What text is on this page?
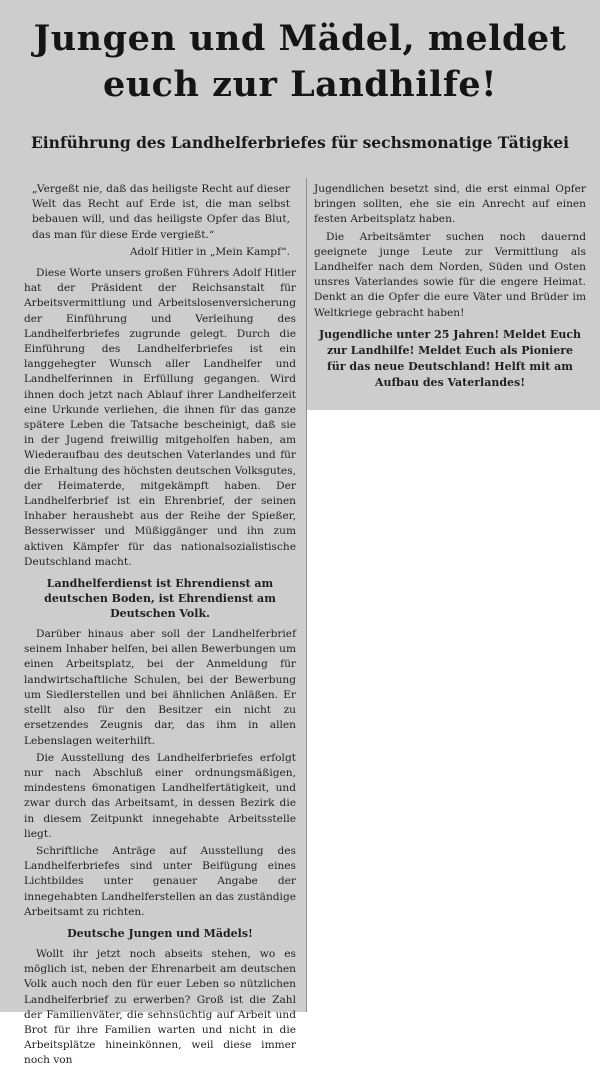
Jungen und Mädel, meldet euch zur Landhilfe!
Einführung des Landhelferbriefes für sechsmonatige Tätigkei
„Vergeßt nie, daß das heiligste Recht auf dieser Welt das Recht auf Erde ist, die man selbst bebauen will, und das heiligste Opfer das Blut, das man für diese Erde vergießt.“
Adolf Hitler in „Mein Kampf“.

Diese Worte unsers großen Führers Adolf Hitler hat der Präsident der Reichsanstalt für Arbeitsvermittlung und Arbeitslosenversicherung der Einführung und Verleihung des Landhelferbriefes zugrunde gelegt. Durch die Einführung des Landhelferbriefes ist ein langgehegter Wunsch aller Landhelfer und Landhelferinnen in Erfüllung gegangen. Wird ihnen doch jetzt nach Ablauf ihrer Landhelferzeit eine Urkunde verliehen, die ihnen für das ganze spätere Leben die Tatsache bescheinigt, daß sie in der Jugend freiwillig mitgeholfen haben, am Wiederaufbau des deutschen Vaterlandes und für die Erhaltung des höchsten deutschen Volksgutes, der Heimaterde, mitgekämpft haben. Der Landhelferbrief ist ein Ehrenbrief, der seinen Inhaber heraushebt aus der Reihe der Spießer, Besserwisser und Müßiggänger und ihn zum aktiven Kämpfer für das nationalsozialistische Deutschland macht.

Landhelferdienst ist Ehrendienst am deutschen Boden, ist Ehrendienst am Deutschen Volk.

Darüber hinaus aber soll der Landhelferbrief seinem Inhaber helfen, bei allen Bewerbungen um einen Arbeitsplatz, bei der Anmeldung für landwirtschaftliche Schulen, bei der Bewerbung um Siedlerstellen und bei ähnlichen Anläßen. Er stellt also für den Besitzer ein nicht zu ersetzendes Zeugnis dar, das ihm in allen Lebenslagen weiterhilft.

Die Ausstellung des Landhelferbriefes erfolgt nur nach Abschluß einer ordnungsmäßigen, mindestens 6monatigen Landhelfertätigkeit, und zwar durch das Arbeitsamt, in dessen Bezirk die in diesem Zeitpunkt innegehabte Arbeitsstelle liegt.

Schriftliche Anträge auf Ausstellung des Landhelferbriefes sind unter Beifügung eines Lichtbildes unter genauer Angabe der innegehabten Landhelferstellen an das zuständige Arbeitsamt zu richten.

Deutsche Jungen und Mädels!

Wollt ihr jetzt noch abseits stehen, wo es möglich ist, neben der Ehrenarbeit am deutschen Volk auch noch den für euer Leben so nützlichen Landhelferbrief zu erwerben? Groß ist die Zahl der Familienväter, die sehnsüchtig auf Arbeit und Brot für ihre Familien warten und nicht in die Arbeitsplätze hineinkönnen, weil diese immer noch von

Jugendlichen besetzt sind, die erst einmal Opfer bringen sollten, ehe sie ein Anrecht auf einen festen Arbeitsplatz haben.

Die Arbeitsämter suchen noch dauernd geeignete junge Leute zur Vermittlung als Landhelfer nach dem Norden, Süden und Osten unsres Vaterlandes sowie für die engere Heimat. Denkt an die Opfer die eure Väter und Brüder im Weltkriege gebracht haben!

Jugendliche unter 25 Jahren! Meldet Euch zur Landhilfe! Meldet Euch als Pioniere für das neue Deutschland! Helft mit am Aufbau des Vaterlandes!
